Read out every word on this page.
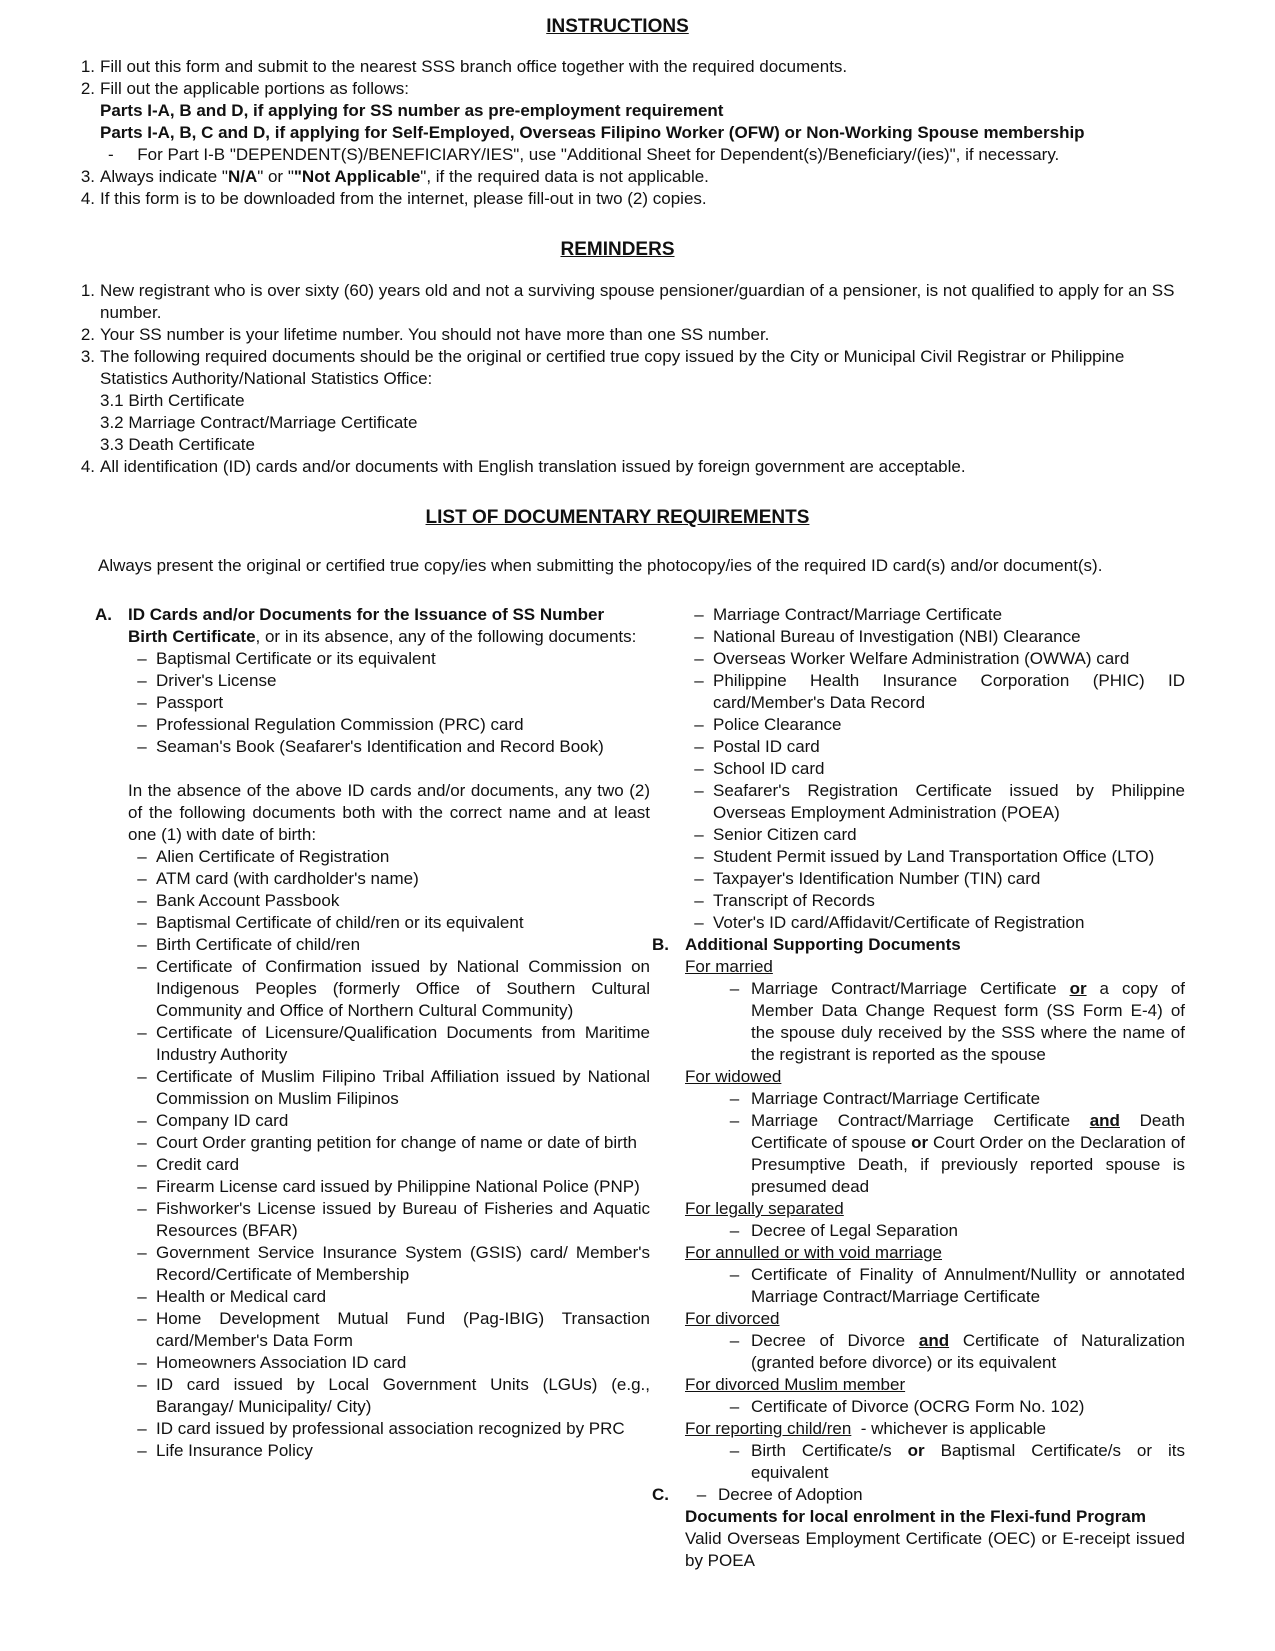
INSTRUCTIONS
1. Fill out this form and submit to the nearest SSS branch office together with the required documents.
2. Fill out the applicable portions as follows:
Parts I-A, B and D, if applying for SS number as pre-employment requirement
Parts I-A, B, C and D, if applying for Self-Employed, Overseas Filipino Worker (OFW) or Non-Working Spouse membership
-     For Part I-B "DEPENDENT(S)/BENEFICIARY/IES", use "Additional Sheet for Dependent(s)/Beneficiary/(ies)", if necessary.
3. Always indicate "N/A" or ""Not Applicable", if the required data is not applicable.
4. If this form is to be downloaded from the internet, please fill-out in two (2) copies.
REMINDERS
1. New registrant who is over sixty (60) years old and not a surviving spouse pensioner/guardian of a pensioner, is not qualified to apply for an SS number.
2. Your SS number is your lifetime number. You should not have more than one SS number.
3. The following required documents should be the original or certified true copy issued by the City or Municipal Civil Registrar or Philippine Statistics Authority/National Statistics Office:
3.1 Birth Certificate
3.2 Marriage Contract/Marriage Certificate
3.3 Death Certificate
4. All identification (ID) cards and/or documents with English translation issued by foreign government are acceptable.
LIST OF DOCUMENTARY REQUIREMENTS

Always present the original or certified true copy/ies when submitting the photocopy/ies of the required ID card(s) and/or document(s).

A. ID Cards and/or Documents for the Issuance of SS Number
Birth Certificate, or in its absence, any of the following documents:
– Baptismal Certificate or its equivalent
– Driver's License
– Passport
– Professional Regulation Commission (PRC) card
– Seaman's Book (Seafarer's Identification and Record Book)
In the absence of the above ID cards and/or documents, any two (2) of the following documents both with the correct name and at least one (1) with date of birth:
– Alien Certificate of Registration
– ATM card (with cardholder's name)
– Bank Account Passbook
– Baptismal Certificate of child/ren or its equivalent
– Birth Certificate of child/ren
– Certificate of Confirmation issued by National Commission on Indigenous Peoples (formerly Office of Southern Cultural Community and Office of Northern Cultural Community)
– Certificate of Licensure/Qualification Documents from Maritime Industry Authority
– Certificate of Muslim Filipino Tribal Affiliation issued by National Commission on Muslim Filipinos
– Company ID card
– Court Order granting petition for change of name or date of birth
– Credit card
– Firearm License card issued by Philippine National Police (PNP)
– Fishworker's License issued by Bureau of Fisheries and Aquatic Resources (BFAR)
– Government Service Insurance System (GSIS) card/ Member's Record/Certificate of Membership
– Health or Medical card
– Home Development Mutual Fund (Pag-IBIG) Transaction card/Member's Data Form
– Homeowners Association ID card
– ID card issued by Local Government Units (LGUs) (e.g., Barangay/ Municipality/ City)
– ID card issued by professional association recognized by PRC
– Life Insurance Policy
– Marriage Contract/Marriage Certificate
– National Bureau of Investigation (NBI) Clearance
– Overseas Worker Welfare Administration (OWWA) card
– Philippine Health Insurance Corporation (PHIC) ID card/Member's Data Record
– Police Clearance
– Postal ID card
– School ID card
– Seafarer's Registration Certificate issued by Philippine Overseas Employment Administration (POEA)
– Senior Citizen card
– Student Permit issued by Land Transportation Office (LTO)
– Taxpayer's Identification Number (TIN) card
– Transcript of Records
– Voter's ID card/Affidavit/Certificate of Registration
B. Additional Supporting Documents
For married
– Marriage Contract/Marriage Certificate or a copy of Member Data Change Request form (SS Form E-4) of the spouse duly received by the SSS where the name of the registrant is reported as the spouse
For widowed
– Marriage Contract/Marriage Certificate
– Marriage Contract/Marriage Certificate and Death Certificate of spouse or Court Order on the Declaration of Presumptive Death, if previously reported spouse is presumed dead
For legally separated
– Decree of Legal Separation
For annulled or with void marriage
– Certificate of Finality of Annulment/Nullity or annotated Marriage Contract/Marriage Certificate
For divorced
– Decree of Divorce and Certificate of Naturalization (granted before divorce) or its equivalent
For divorced Muslim member
– Certificate of Divorce (OCRG Form No. 102)
For reporting child/ren  - whichever is applicable
– Birth Certificate/s or Baptismal Certificate/s or its equivalent
C.	– Decree of Adoption
Documents for local enrolment in the Flexi-fund Program
Valid Overseas Employment Certificate (OEC) or E-receipt issued by POEA
